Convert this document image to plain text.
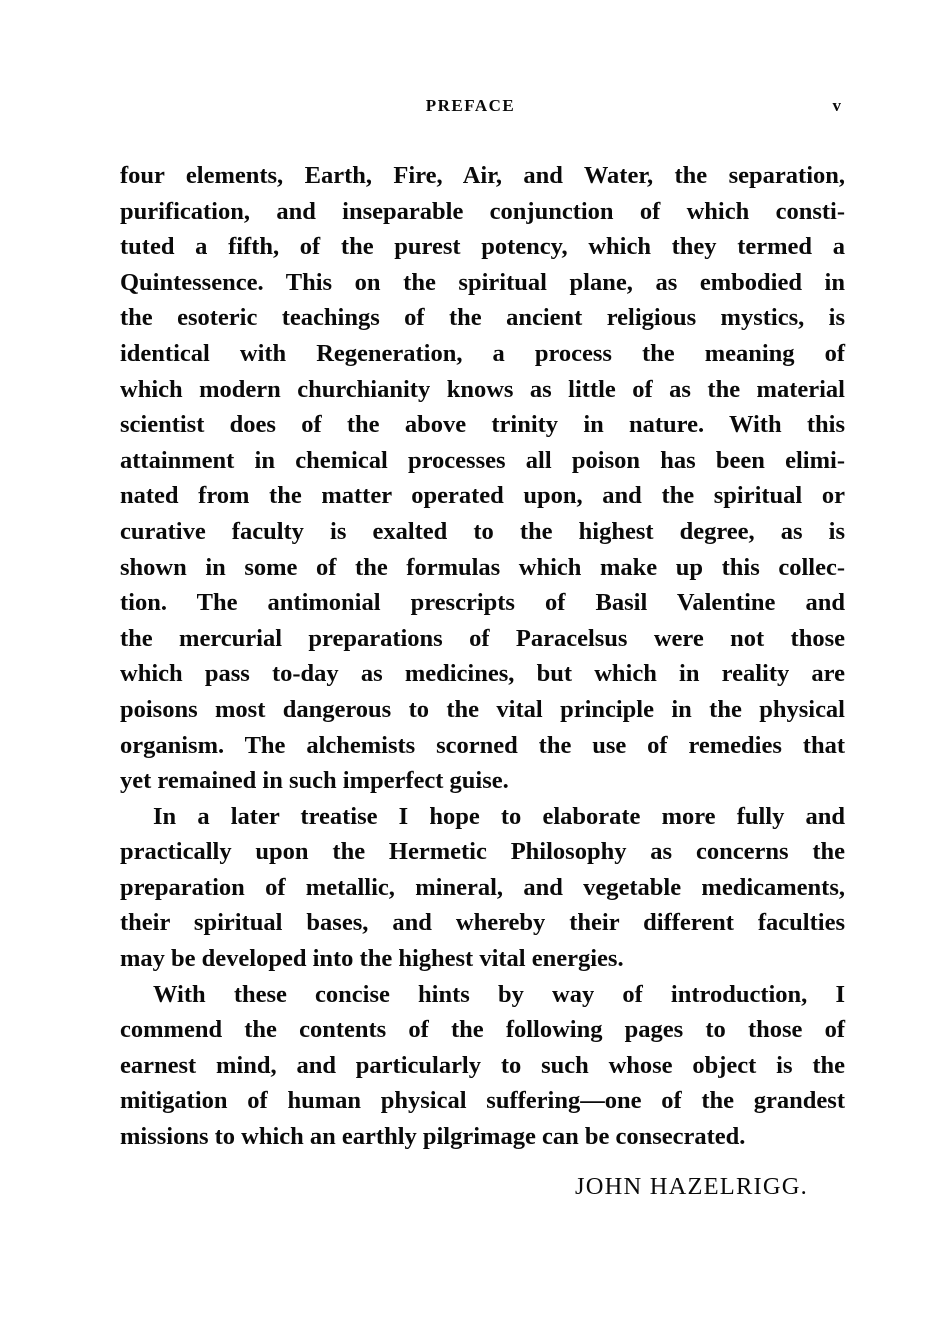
PREFACE	v
four elements, Earth, Fire, Air, and Water, the separation,
purification, and inseparable conjunction of which consti-
tuted a fifth, of the purest potency, which they termed a
Quintessence. This on the spiritual plane, as embodied in
the esoteric teachings of the ancient religious mystics, is
identical with Regeneration, a process the meaning of
which modern churchianity knows as little of as the material
scientist does of the above trinity in nature. With this
attainment in chemical processes all poison has been elimi-
nated from the matter operated upon, and the spiritual or
curative faculty is exalted to the highest degree, as is
shown in some of the formulas which make up this collec-
tion. The antimonial prescripts of Basil Valentine and
the mercurial preparations of Paracelsus were not those
which pass to-day as medicines, but which in reality are
poisons most dangerous to the vital principle in the physical
organism. The alchemists scorned the use of remedies that
yet remained in such imperfect guise.
In a later treatise I hope to elaborate more fully and
practically upon the Hermetic Philosophy as concerns the
preparation of metallic, mineral, and vegetable medicaments,
their spiritual bases, and whereby their different faculties
may be developed into the highest vital energies.
With these concise hints by way of introduction, I
commend the contents of the following pages to those of
earnest mind, and particularly to such whose object is the
mitigation of human physical suffering—one of the grandest
missions to which an earthly pilgrimage can be consecrated.
JOHN HAZELRIGG.
